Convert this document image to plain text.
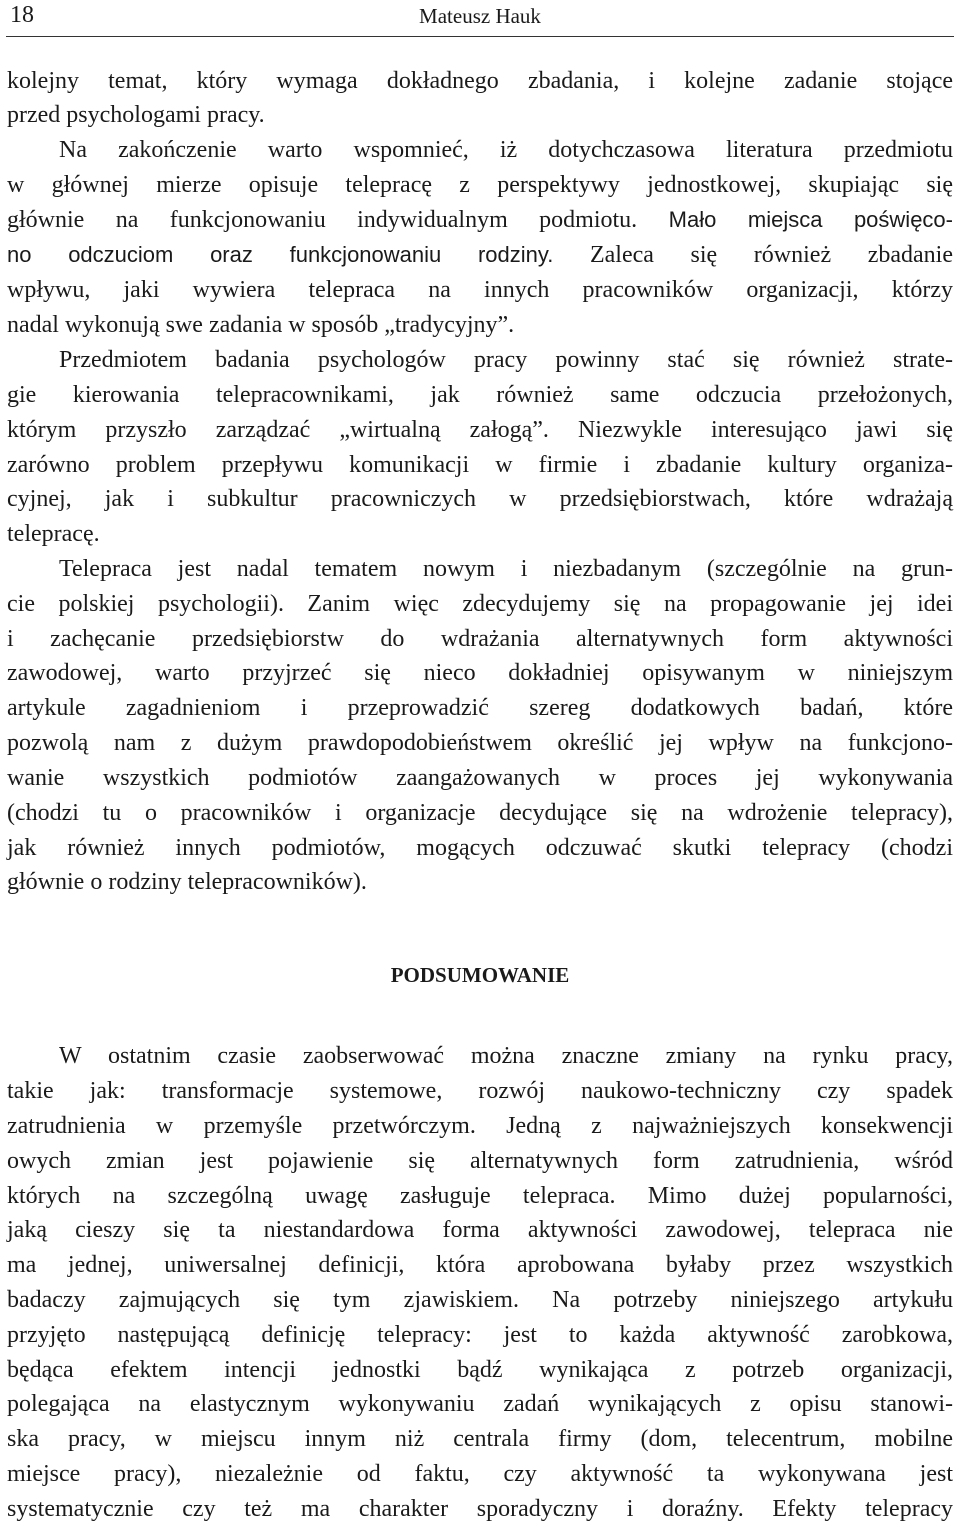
18	Mateusz Hauk
kolejny temat, który wymaga dokładnego zbadania, i kolejne zadanie stojące
przed psychologami pracy.
Na zakończenie warto wspomnieć, iż dotychczasowa literatura przedmiotu
w głównej mierze opisuje telepracę z perspektywy jednostkowej, skupiając się
głównie na funkcjonowaniu indywidualnym podmiotu. Mało miejsca poświęco-
no odczuciom oraz funkcjonowaniu rodziny. Zaleca się również zbadanie
wpływu, jaki wywiera telepraca na innych pracowników organizacji, którzy
nadal wykonują swe zadania w sposób „tradycyjny”.
Przedmiotem badania psychologów pracy powinny stać się również strate-
gie kierowania telepracownikami, jak również same odczucia przełożonych,
którym przyszło zarządzać „wirtualną załogą”. Niezwykle interesująco jawi się
zarówno problem przepływu komunikacji w firmie i zbadanie kultury organiza-
cyjnej, jak i subkultur pracowniczych w przedsiębiorstwach, które wdrażają
telepracę.
Telepraca jest nadal tematem nowym i niezbadanym (szczególnie na grun-
cie polskiej psychologii). Zanim więc zdecydujemy się na propagowanie jej idei
i zachęcanie przedsiębiorstw do wdrażania alternatywnych form aktywności
zawodowej, warto przyjrzeć się nieco dokładniej opisywanym w niniejszym
artykule zagadnieniom i przeprowadzić szereg dodatkowych badań, które
pozwolą nam z dużym prawdopodobieństwem określić jej wpływ na funkcjono-
wanie wszystkich podmiotów zaangażowanych w proces jej wykonywania
(chodzi tu o pracowników i organizacje decydujące się na wdrożenie telepracy),
jak również innych podmiotów, mogących odczuwać skutki telepracy (chodzi
głównie o rodziny telepracowników).
PODSUMOWANIE
W ostatnim czasie zaobserwować można znaczne zmiany na rynku pracy,
takie jak: transformacje systemowe, rozwój naukowo-techniczny czy spadek
zatrudnienia w przemyśle przetwórczym. Jedną z najważniejszych konsekwencji
owych zmian jest pojawienie się alternatywnych form zatrudnienia, wśród
których na szczególną uwagę zasługuje telepraca. Mimo dużej popularności,
jaką cieszy się ta niestandardowa forma aktywności zawodowej, telepraca nie
ma jednej, uniwersalnej definicji, która aprobowana byłaby przez wszystkich
badaczy zajmujących się tym zjawiskiem. Na potrzeby niniejszego artykułu
przyjęto następującą definicję telepracy: jest to każda aktywność zarobkowa,
będąca efektem intencji jednostki bądź wynikająca z potrzeb organizacji,
polegająca na elastycznym wykonywaniu zadań wynikających z opisu stanowi-
ska pracy, w miejscu innym niż centrala firmy (dom, telecentrum, mobilne
miejsce pracy), niezależnie od faktu, czy aktywność ta wykonywana jest
systematycznie czy też ma charakter sporadyczny i doraźny. Efekty telepracy
